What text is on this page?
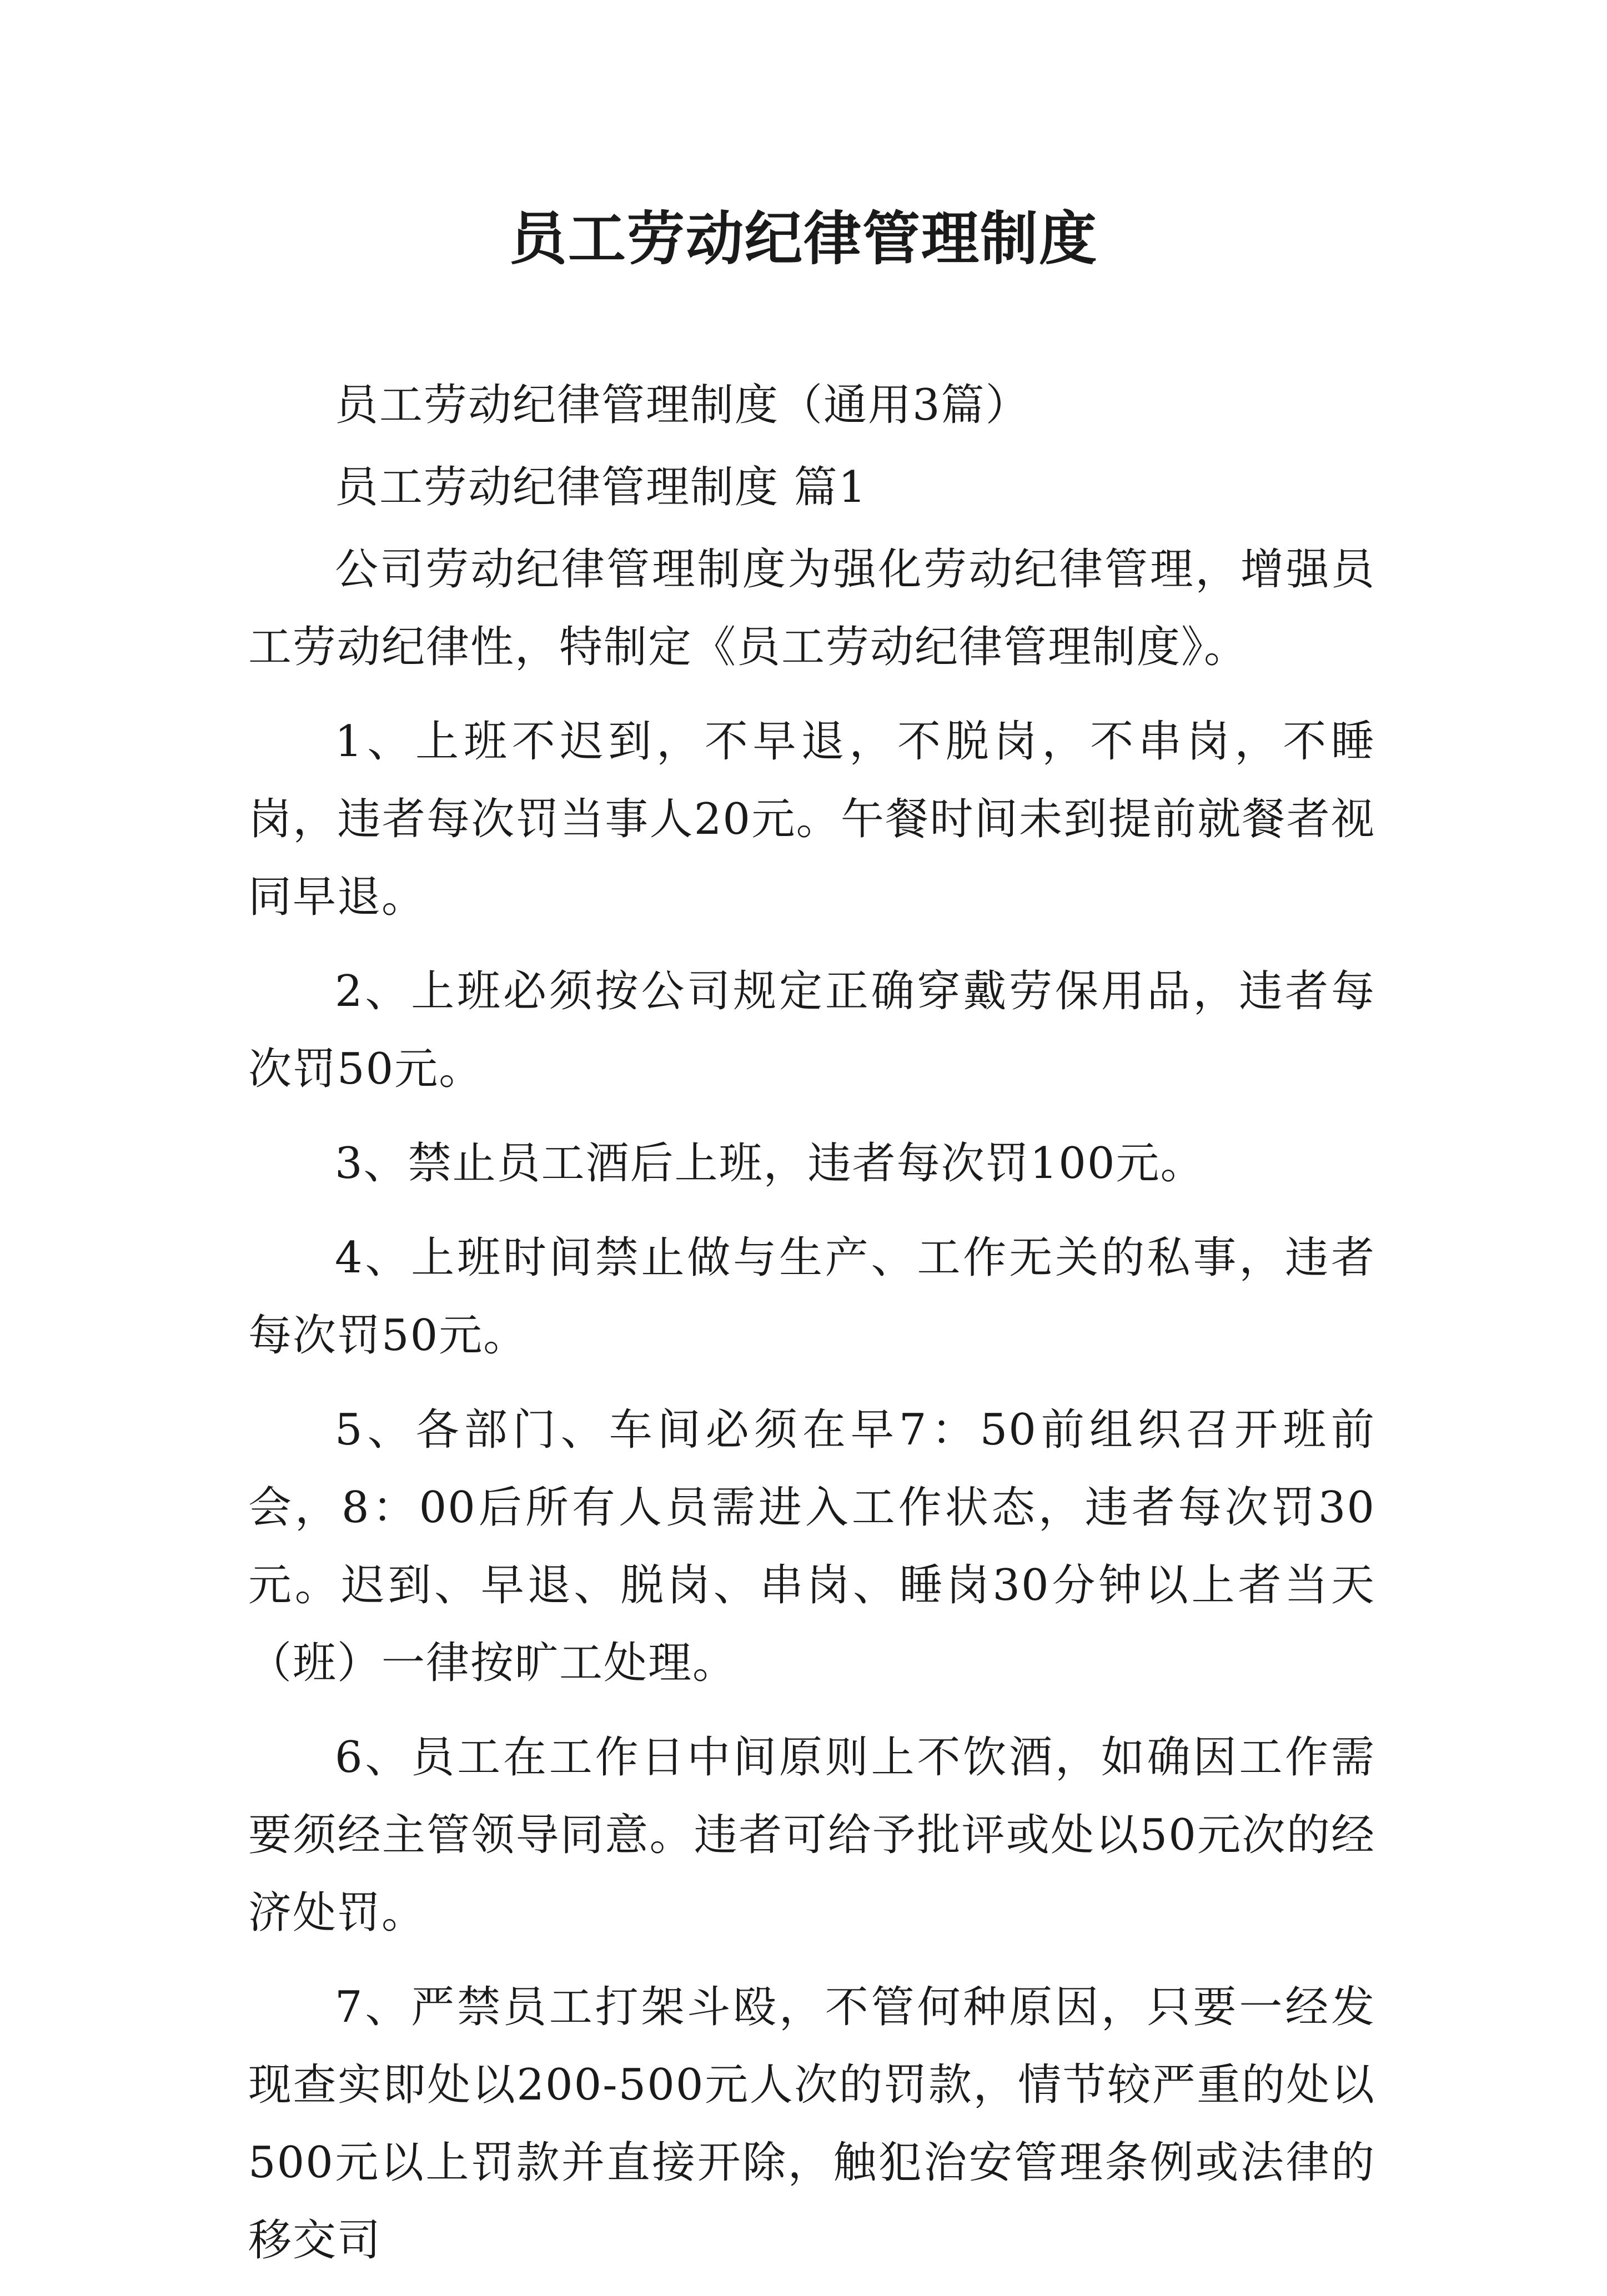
员工劳动纪律管理制度

员工劳动纪律管理制度（通用3篇）

员工劳动纪律管理制度 篇1

公司劳动纪律管理制度为强化劳动纪律管理，增强员工劳动纪律性，特制定《员工劳动纪律管理制度》。

1、上班不迟到，不早退，不脱岗，不串岗，不睡岗，违者每次罚当事人20元。午餐时间未到提前就餐者视同早退。

2、上班必须按公司规定正确穿戴劳保用品，违者每次罚50元。

3、禁止员工酒后上班，违者每次罚100元。

4、上班时间禁止做与生产、工作无关的私事，违者每次罚50元。

5、各部门、车间必须在早7：50前组织召开班前会，8：00后所有人员需进入工作状态，违者每次罚30元。迟到、早退、脱岗、串岗、睡岗30分钟以上者当天（班）一律按旷工处理。

6、员工在工作日中间原则上不饮酒，如确因工作需要须经主管领导同意。违者可给予批评或处以50元次的经济处罚。

7、严禁员工打架斗殴，不管何种原因，只要一经发现查实即处以200-500元人次的罚款，情节较严重的处以500元以上罚款并直接开除，触犯治安管理条例或法律的移交司
